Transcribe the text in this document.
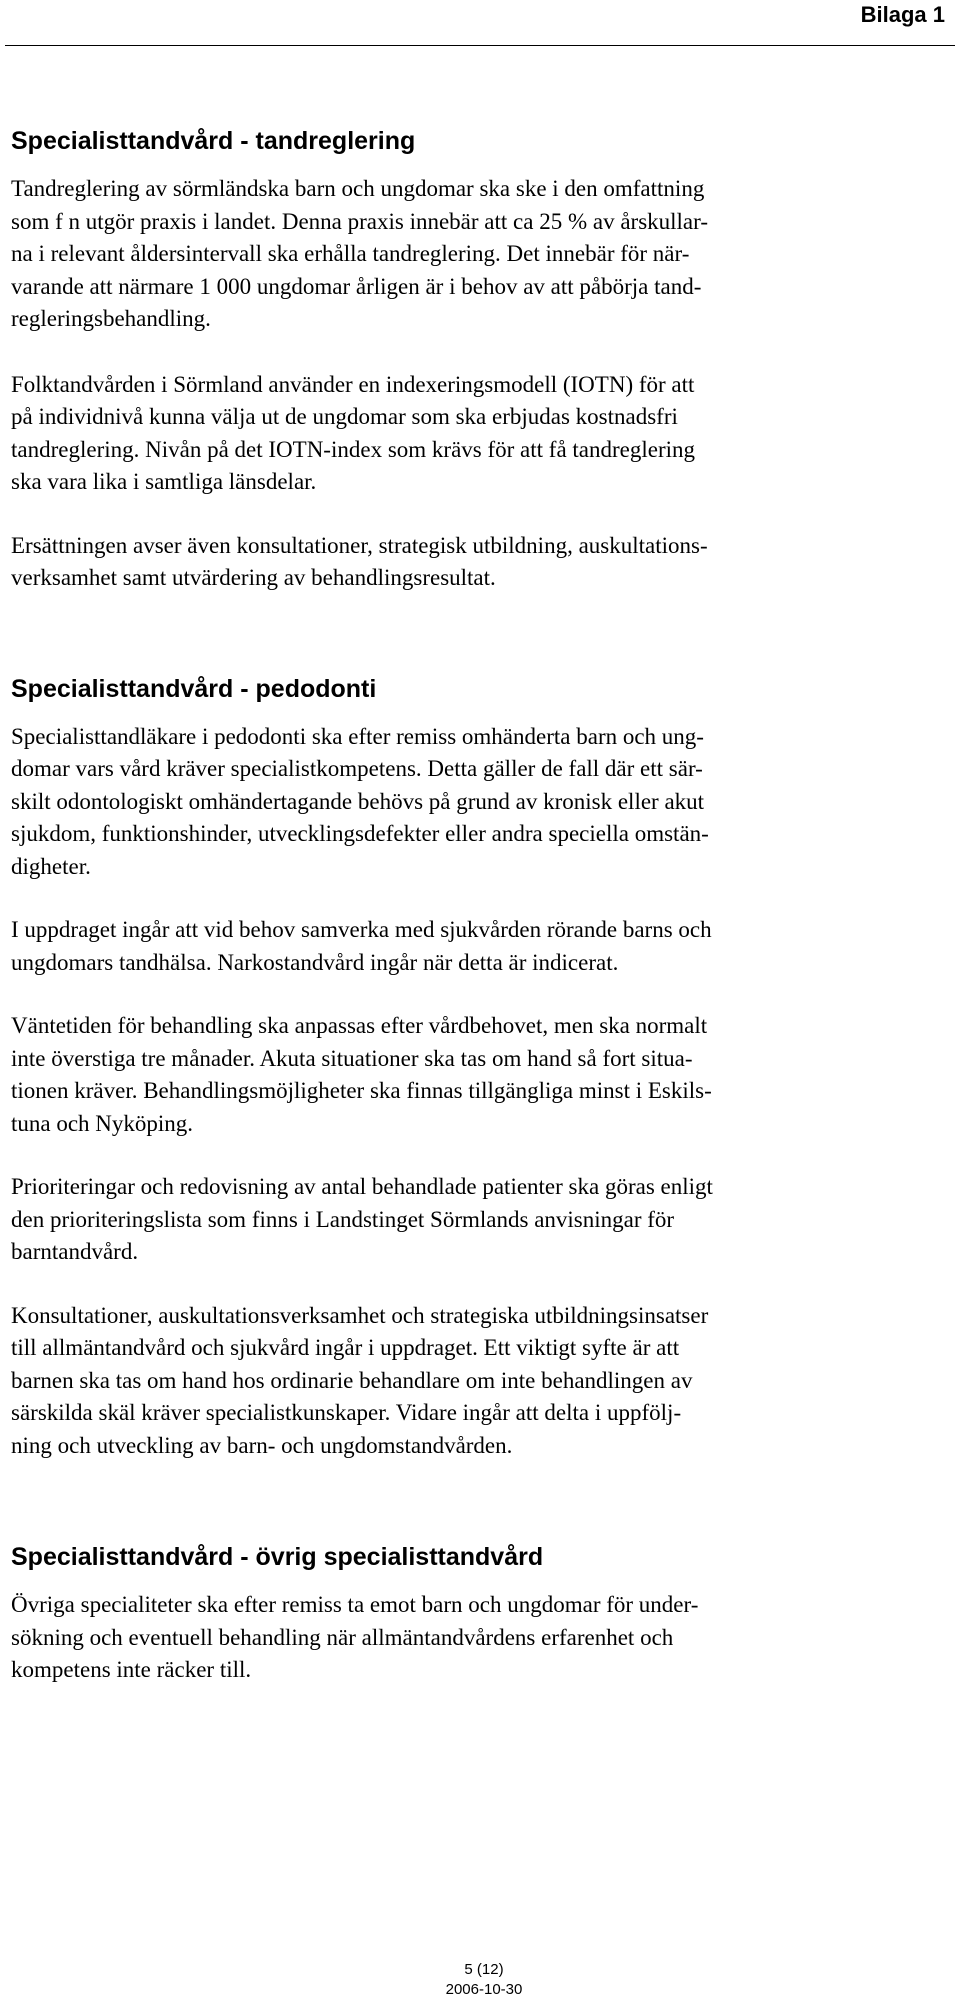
Bilaga 1
Specialisttandvård - tandreglering

Tandreglering av sörmländska barn och ungdomar ska ske i den omfattning
som f n utgör praxis i landet. Denna praxis innebär att ca 25 % av årskullar-
na i relevant åldersintervall ska erhålla tandreglering. Det innebär för när-
varande att närmare 1 000 ungdomar årligen är i behov av att påbörja tand-
regleringsbehandling.

Folktandvården i Sörmland använder en indexeringsmodell (IOTN) för att
på individnivå kunna välja ut de ungdomar som ska erbjudas kostnadsfri
tandreglering. Nivån på det IOTN-index som krävs för att få tandreglering
ska vara lika i samtliga länsdelar.

Ersättningen avser även konsultationer, strategisk utbildning, auskultations-
verksamhet samt utvärdering av behandlingsresultat.

Specialisttandvård - pedodonti

Specialisttandläkare i pedodonti ska efter remiss omhänderta barn och ung-
domar vars vård kräver specialistkompetens. Detta gäller de fall där ett sär-
skilt odontologiskt omhändertagande behövs på grund av kronisk eller akut
sjukdom, funktionshinder, utvecklingsdefekter eller andra speciella omstän-
digheter.

I uppdraget ingår att vid behov samverka med sjukvården rörande barns och
ungdomars tandhälsa. Narkostandvård ingår när detta är indicerat.

Väntetiden för behandling ska anpassas efter vårdbehovet, men ska normalt
inte överstiga tre månader. Akuta situationer ska tas om hand så fort situa-
tionen kräver. Behandlingsmöjligheter ska finnas tillgängliga minst i Eskils-
tuna och Nyköping.

Prioriteringar och redovisning av antal behandlade patienter ska göras enligt
den prioriteringslista som finns i Landstinget Sörmlands anvisningar för
barntandvård.

Konsultationer, auskultationsverksamhet och strategiska utbildningsinsatser
till allmäntandvård och sjukvård ingår i uppdraget. Ett viktigt syfte är att
barnen ska tas om hand hos ordinarie behandlare om inte behandlingen av
särskilda skäl kräver specialistkunskaper. Vidare ingår att delta i uppfölj-
ning och utveckling av barn- och ungdomstandvården.

Specialisttandvård - övrig specialisttandvård

Övriga specialiteter ska efter remiss ta emot barn och ungdomar för under-
sökning och eventuell behandling när allmäntandvårdens erfarenhet och
kompetens inte räcker till.

5 (12)
2006-10-30
